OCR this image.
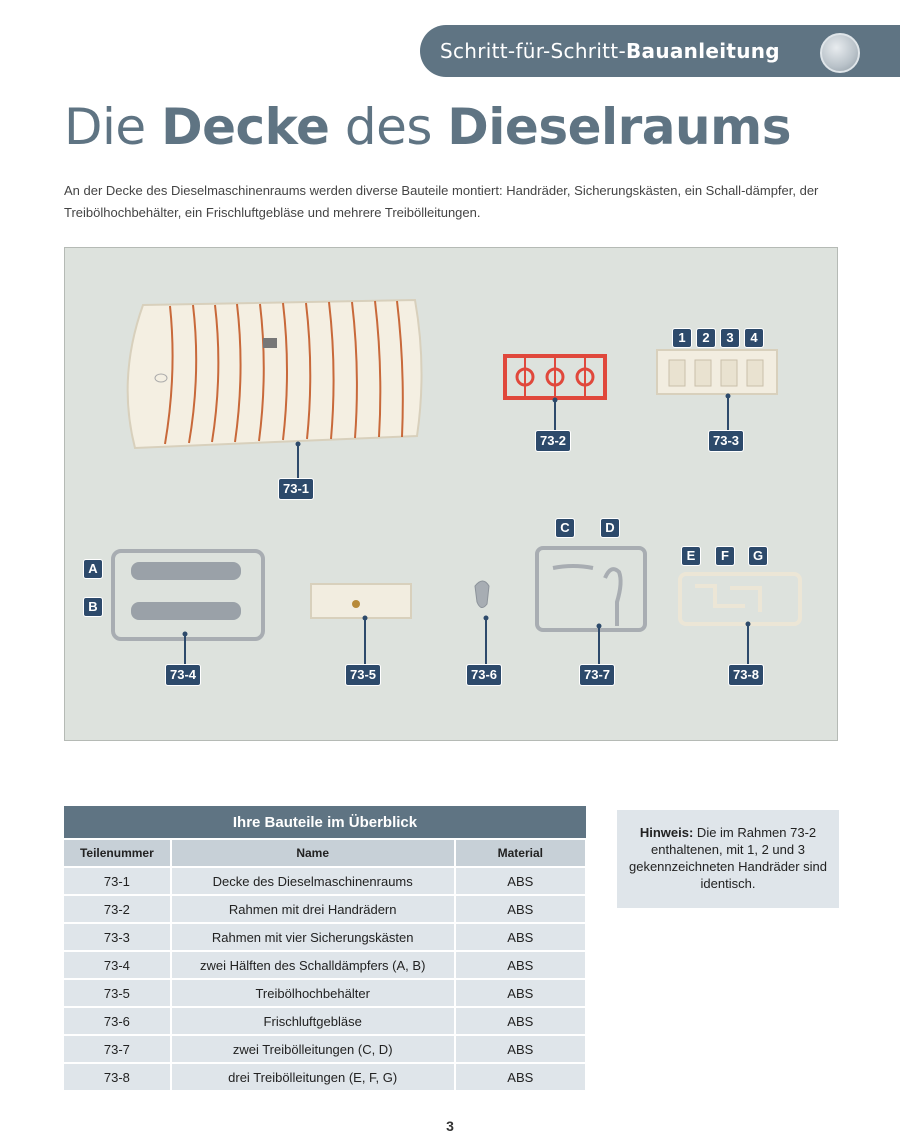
Schritt-für-Schritt-Bauanleitung
Die Decke des Dieselraums
An der Decke des Dieselmaschinenraums werden diverse Bauteile montiert: Handräder, Sicherungskästen, ein Schall-dämpfer, der Treibölhochbehälter, ein Frischluftgebläse und mehrere Treibölleitungen.
73-1
73-2	73-3
73-4	73-5	73-6	73-7	73-8
1	2	3	4
A
B
C	D
E	F	G
Ihre Bauteile im Überblick		
Teilenummer	Name	Material
73-1	Decke des Dieselmaschinenraums	ABS
73-2	Rahmen mit drei Handrädern	ABS
73-3	Rahmen mit vier Sicherungskästen	ABS
73-4	zwei Hälften des Schalldämpfers (A, B)	ABS
73-5	Treibölhochbehälter	ABS
73-6	Frischluftgebläse	ABS
73-7	zwei Treibölleitungen (C, D)	ABS
73-8	drei Treibölleitungen (E, F, G)	ABS
Hinweis: Die im Rahmen 73-2 enthaltenen, mit 1, 2 und 3 gekennzeichneten Handräder sind identisch.
3
